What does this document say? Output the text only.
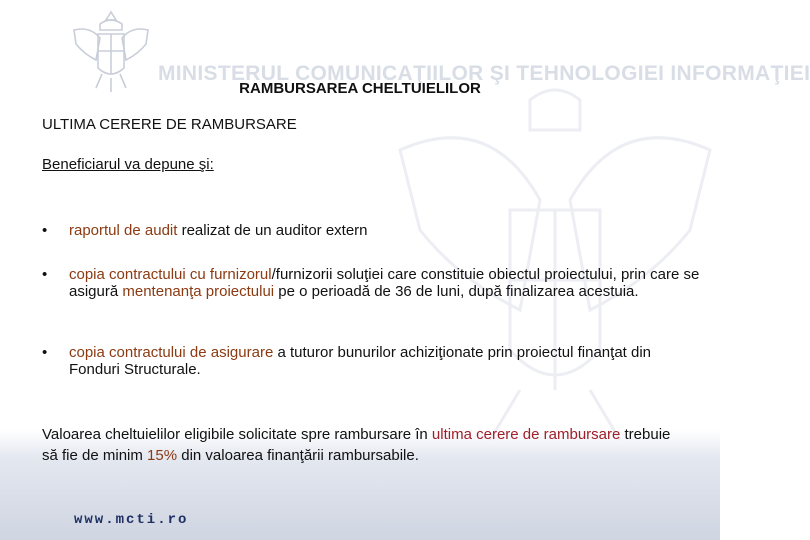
MINISTERUL COMUNICAŢIILOR ŞI TEHNOLOGIEI INFORMAŢIEI
RAMBURSAREA CHELTUIELILOR
ULTIMA CERERE DE RAMBURSARE
Beneficiarul va depune şi:
• raportul de audit realizat de un auditor extern
• copia contractului cu furnizorul/furnizorii soluţiei care constituie obiectul proiectului, prin care se asigură mentenanţa proiectului pe o perioadă de 36 de luni, după finalizarea acestuia.
• copia contractului de asigurare a tuturor bunurilor achiziţionate prin proiectul finanţat din Fonduri Structurale.
Valoarea cheltuielilor eligibile solicitate spre rambursare în ultima cerere de rambursare trebuie să fie de minim 15% din valoarea finanţării rambursabile.
www.mcti.ro
